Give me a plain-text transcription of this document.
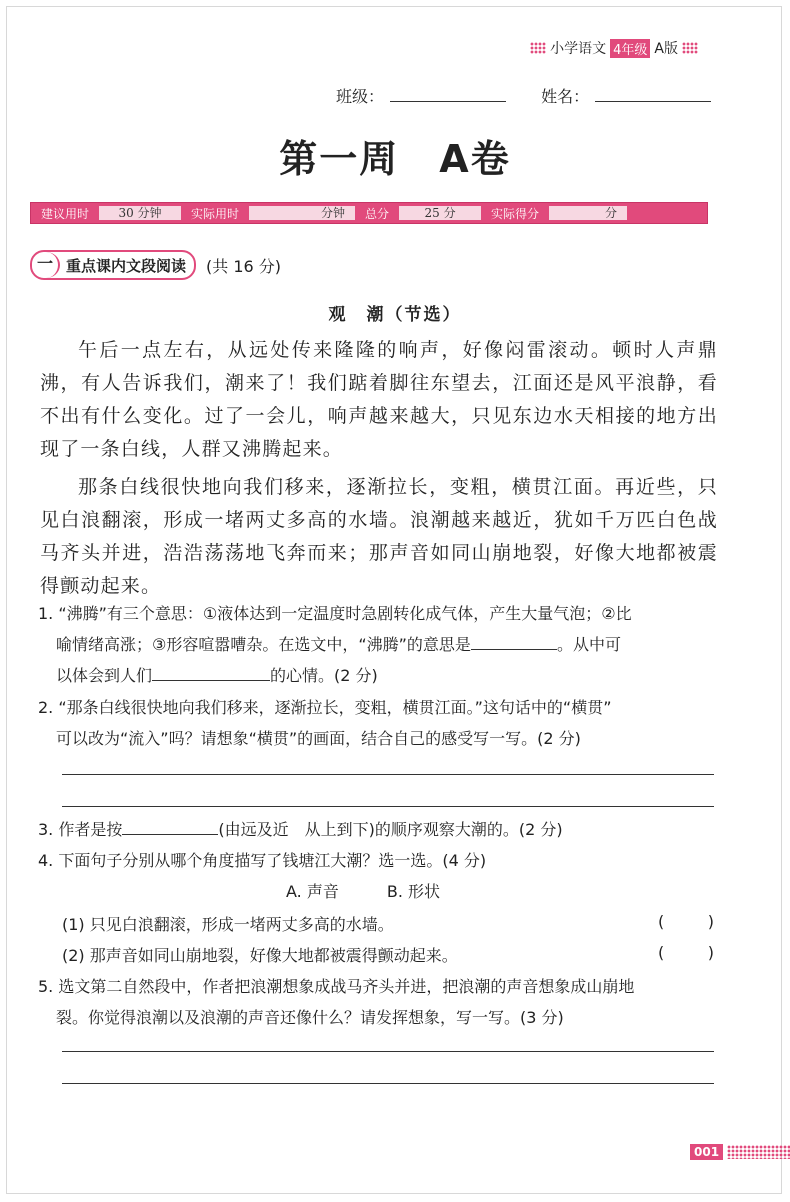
小学语文 4年级 A版
班级：	姓名：
第一周　A卷
建议用时	30 分钟	实际用时	分钟	总分	25 分	实际得分	分
一 重点课内文段阅读 (共 16 分)
观　潮（节选）

午后一点左右，从远处传来隆隆的响声，好像闷雷滚动。顿时人声鼎沸，有人告诉我们，潮来了！我们踮着脚往东望去，江面还是风平浪静，看不出有什么变化。过了一会儿，响声越来越大，只见东边水天相接的地方出现了一条白线，人群又沸腾起来。

那条白线很快地向我们移来，逐渐拉长，变粗，横贯江面。再近些，只见白浪翻滚，形成一堵两丈多高的水墙。浪潮越来越近，犹如千万匹白色战马齐头并进，浩浩荡荡地飞奔而来；那声音如同山崩地裂，好像大地都被震得颤动起来。

1. “沸腾”有三个意思：①液体达到一定温度时急剧转化成气体，产生大量气泡；②比
喻情绪高涨；③形容喧嚣嘈杂。在选文中，“沸腾”的意思是	。从中可
以体会到人们	的心情。(2 分)
2. “那条白线很快地向我们移来，逐渐拉长，变粗，横贯江面。”这句话中的“横贯”
可以改为“流入”吗？请想象“横贯”的画面，结合自己的感受写一写。(2 分)
3. 作者是按	(由远及近　从上到下)的顺序观察大潮的。(2 分)
4. 下面句子分别从哪个角度描写了钱塘江大潮？选一选。(4 分)
A. 声音　　　B. 形状
(1) 只见白浪翻滚，形成一堵两丈多高的水墙。	(	)
(2) 那声音如同山崩地裂，好像大地都被震得颤动起来。	(	)
5. 选文第二自然段中，作者把浪潮想象成战马齐头并进，把浪潮的声音想象成山崩地
裂。你觉得浪潮以及浪潮的声音还像什么？请发挥想象，写一写。(3 分)
001
